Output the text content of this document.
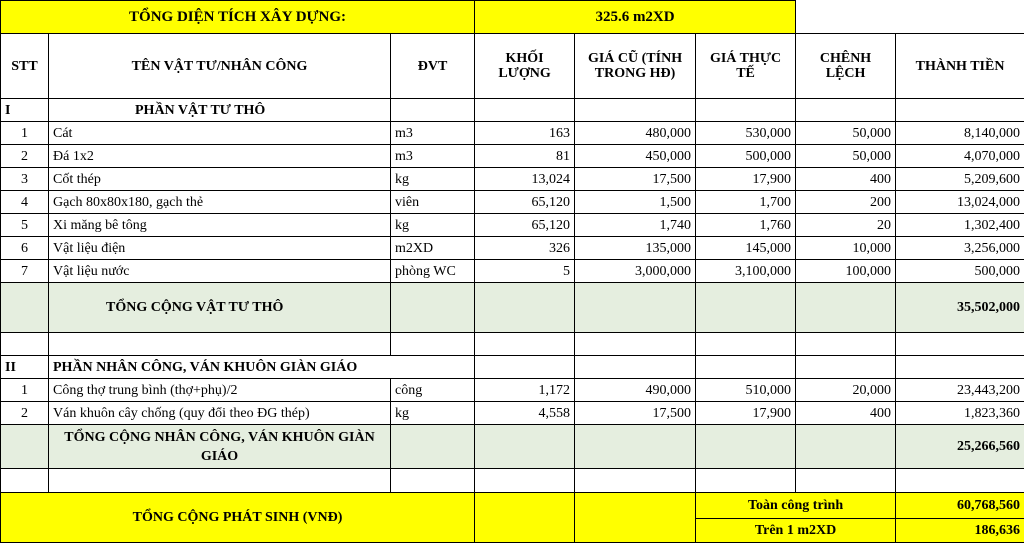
TỔNG DIỆN TÍCH XÂY DỰNG:			325.6 m2XD				
STT	TÊN VẬT TƯ/NHÂN CÔNG	ĐVT	KHỐI LƯỢNG	GIÁ CŨ (TÍNH TRONG HĐ)	GIÁ THỰC TẾ	CHÊNH LỆCH	THÀNH TIỀN
I	PHẦN VẬT TƯ THÔ						
1	Cát	m3	163	480,000	530,000	50,000	8,140,000
2	Đá 1x2	m3	81	450,000	500,000	50,000	4,070,000
3	Cốt thép	kg	13,024	17,500	17,900	400	5,209,600
4	Gạch 80x80x180, gạch thẻ	viên	65,120	1,500	1,700	200	13,024,000
5	Xi măng bê tông	kg	65,120	1,740	1,760	20	1,302,400
6	Vật liệu điện	m2XD	326	135,000	145,000	10,000	3,256,000
7	Vật liệu nước	phòng WC	5	3,000,000	3,100,000	100,000	500,000
	TỔNG CỘNG VẬT TƯ THÔ						35,502,000

II	PHẦN NHÂN CÔNG, VÁN KHUÔN GIÀN GIÁO						
1	Công thợ trung bình (thợ+phụ)/2	công	1,172	490,000	510,000	20,000	23,443,200
2	Ván khuôn cây chống (quy đổi theo ĐG thép)	kg	4,558	17,500	17,900	400	1,823,360
	TỔNG CỘNG NHÂN CÔNG, VÁN KHUÔN GIÀN GIÁO						25,266,560

TỔNG CỘNG PHÁT SINH (VNĐ)					Toàn công trình		60,768,560
					Trên 1 m2XD		186,636
